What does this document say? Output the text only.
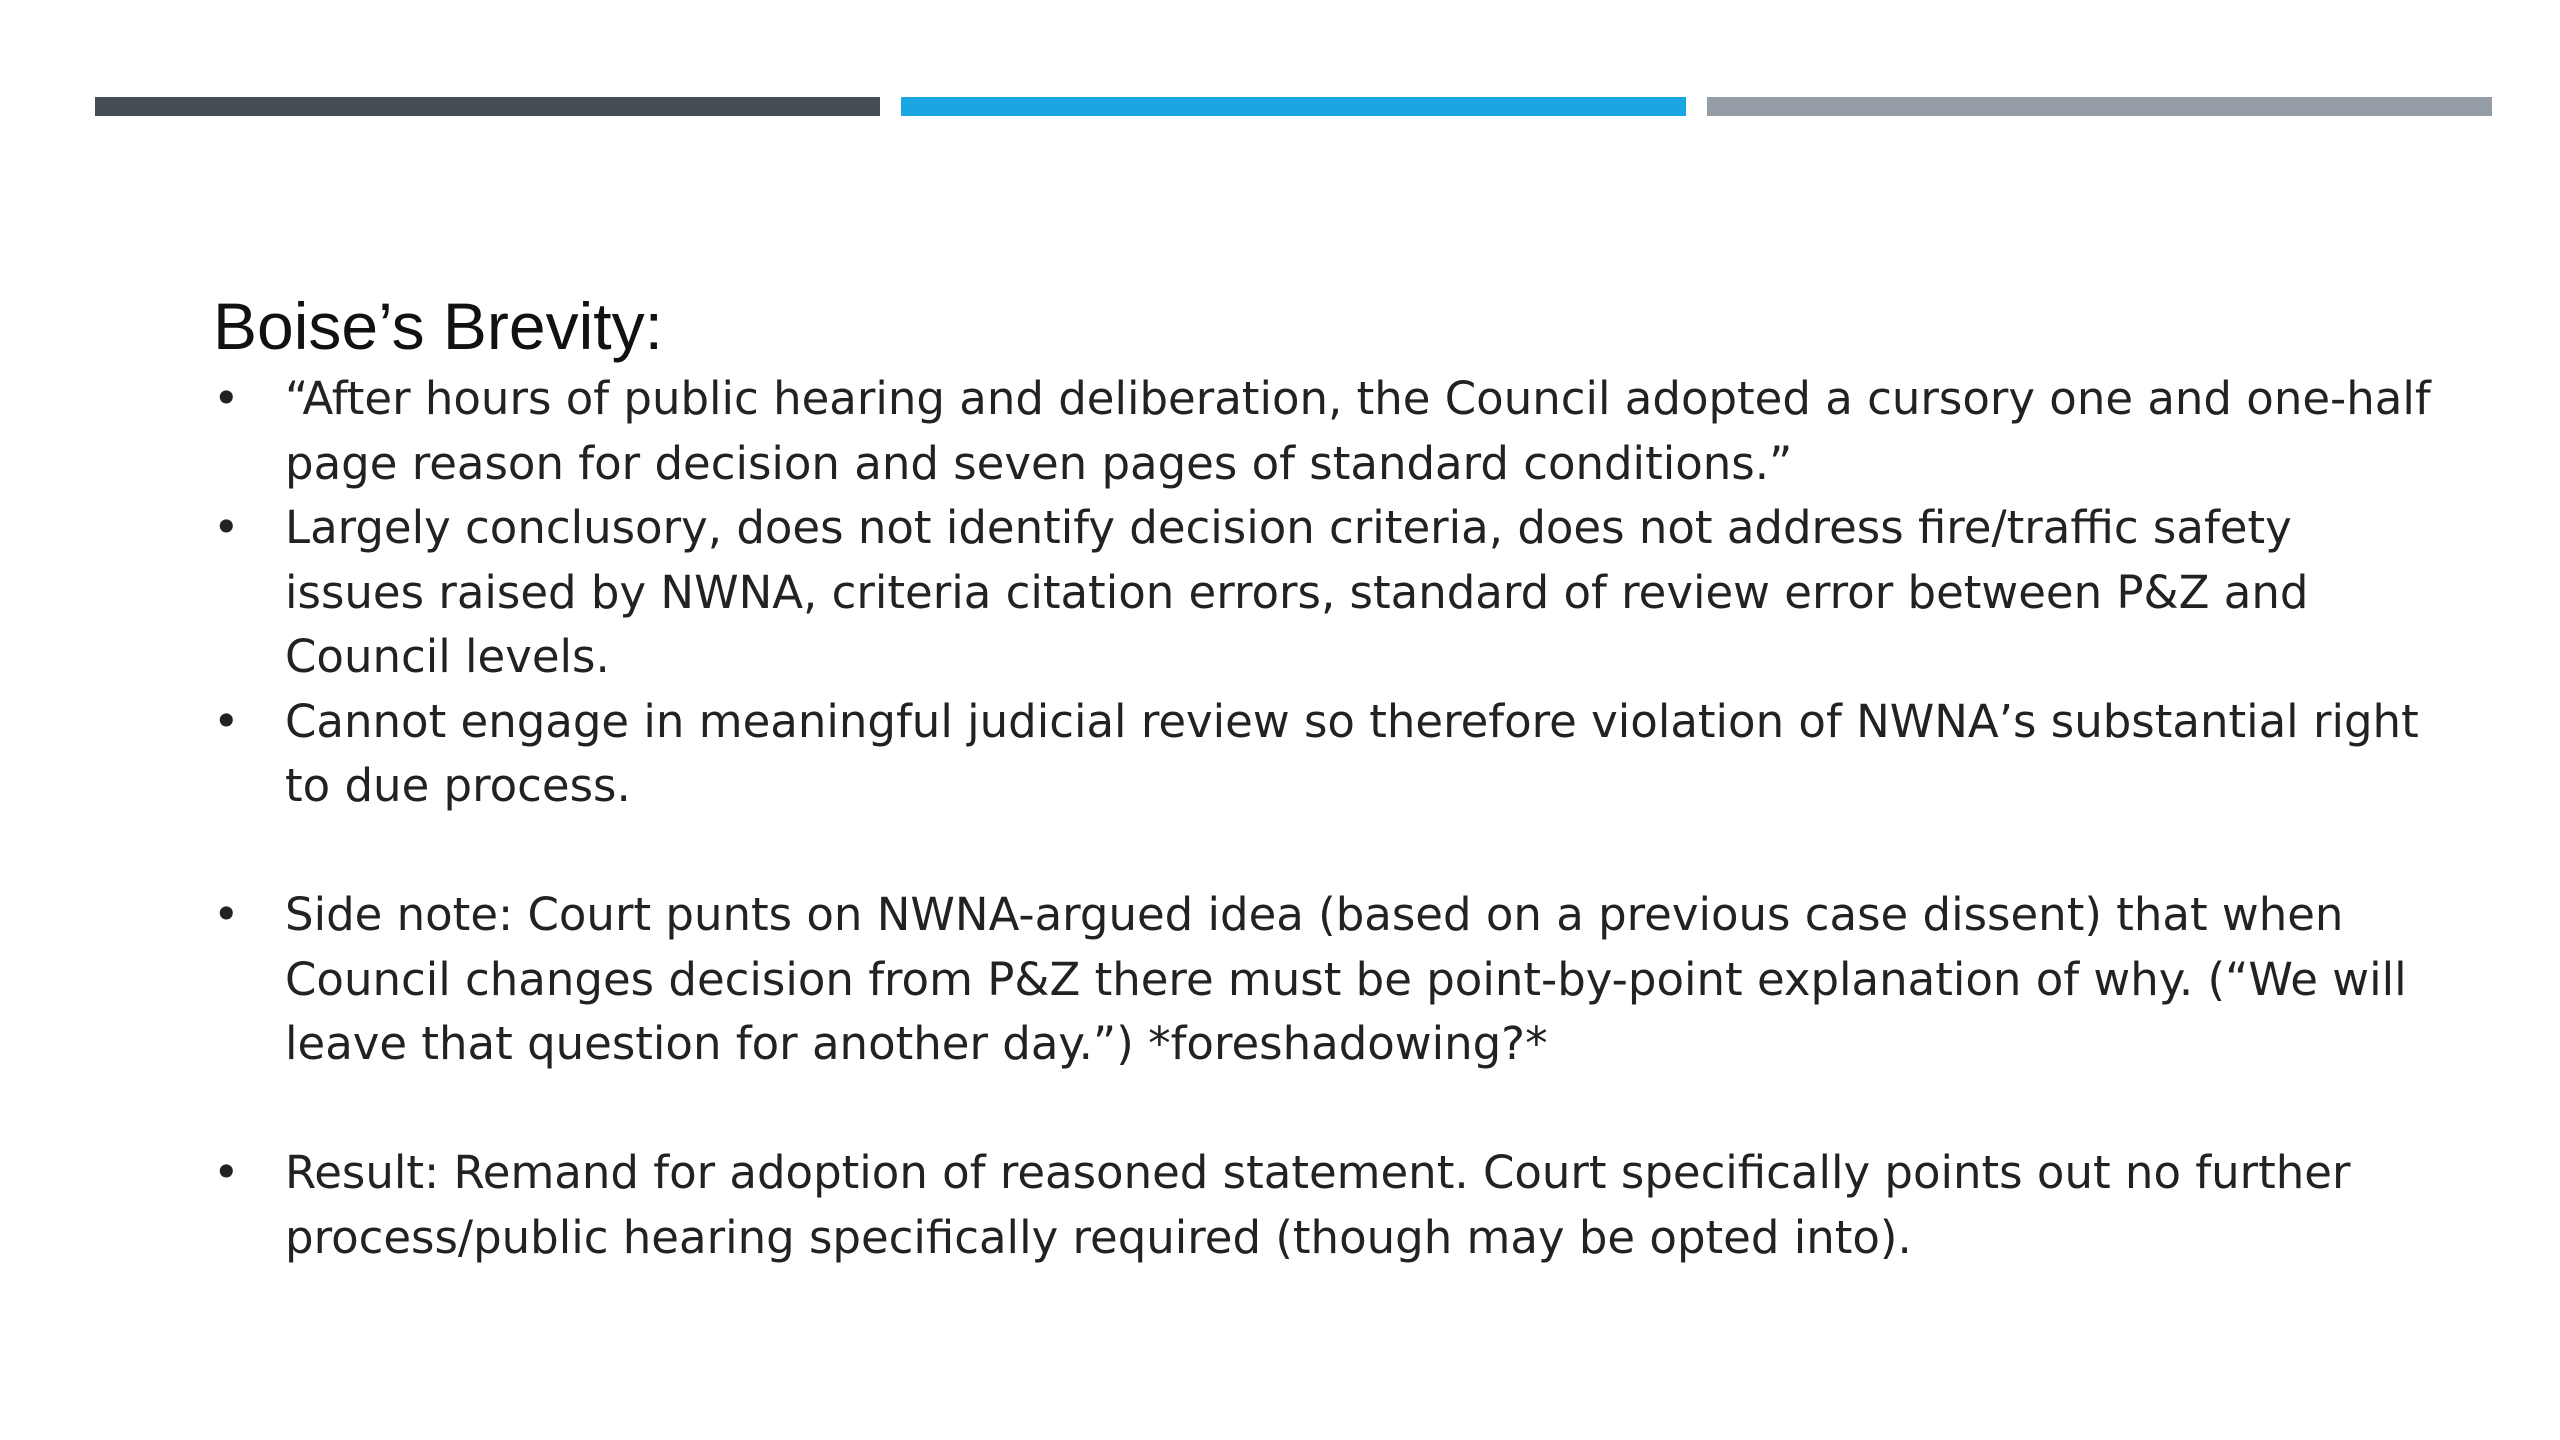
Boise’s Brevity:
• “After hours of public hearing and deliberation, the Council adopted a cursory one and one-half page reason for decision and seven pages of standard conditions.”
• Largely conclusory, does not identify decision criteria, does not address fire/traffic safety issues raised by NWNA, criteria citation errors, standard of review error between P&Z and Council levels.
• Cannot engage in meaningful judicial review so therefore violation of NWNA’s substantial right to due process.
• Side note: Court punts on NWNA-argued idea (based on a previous case dissent) that when Council changes decision from P&Z there must be point-by-point explanation of why. (“We will leave that question for another day.”) *foreshadowing?*
• Result: Remand for adoption of reasoned statement. Court specifically points out no further process/public hearing specifically required (though may be opted into).
